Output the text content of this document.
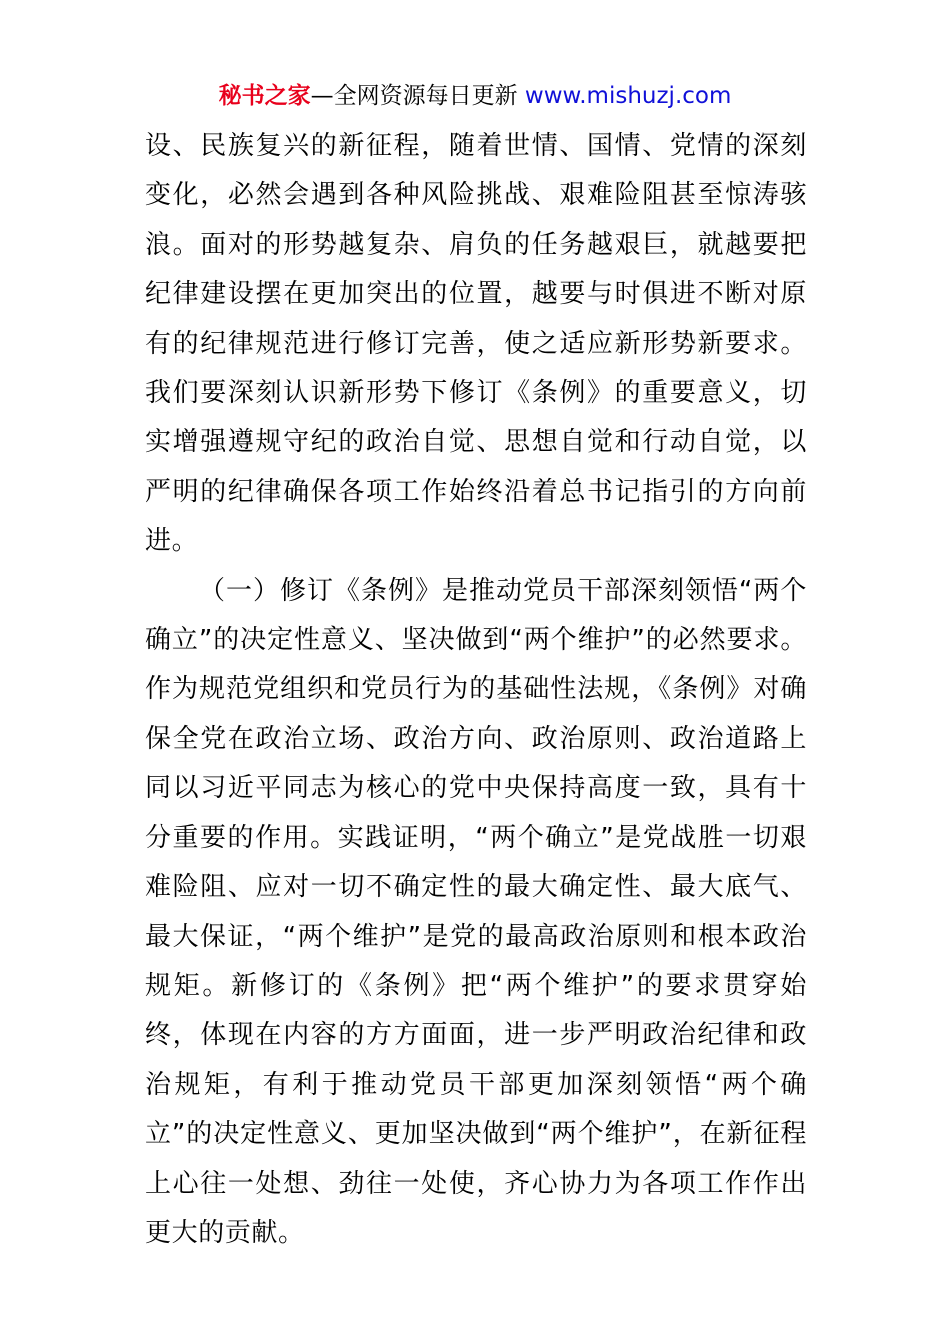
秘书之家—全网资源每日更新 www.mishuzj.com

设、民族复兴的新征程，随着世情、国情、党情的深刻变化，必然会遇到各种风险挑战、艰难险阻甚至惊涛骇浪。面对的形势越复杂、肩负的任务越艰巨，就越要把纪律建设摆在更加突出的位置，越要与时俱进不断对原有的纪律规范进行修订完善，使之适应新形势新要求。我们要深刻认识新形势下修订《条例》的重要意义，切实增强遵规守纪的政治自觉、思想自觉和行动自觉，以严明的纪律确保各项工作始终沿着总书记指引的方向前进。

（一）修订《条例》是推动党员干部深刻领悟“两个确立”的决定性意义、坚决做到“两个维护”的必然要求。作为规范党组织和党员行为的基础性法规，《条例》对确保全党在政治立场、政治方向、政治原则、政治道路上同以习近平同志为核心的党中央保持高度一致，具有十分重要的作用。实践证明，“两个确立”是党战胜一切艰难险阻、应对一切不确定性的最大确定性、最大底气、最大保证，“两个维护”是党的最高政治原则和根本政治规矩。新修订的《条例》把“两个维护”的要求贯穿始终，体现在内容的方方面面，进一步严明政治纪律和政治规矩，有利于推动党员干部更加深刻领悟“两个确立”的决定性意义、更加坚决做到“两个维护”，在新征程上心往一处想、劲往一处使，齐心协力为各项工作作出更大的贡献。
